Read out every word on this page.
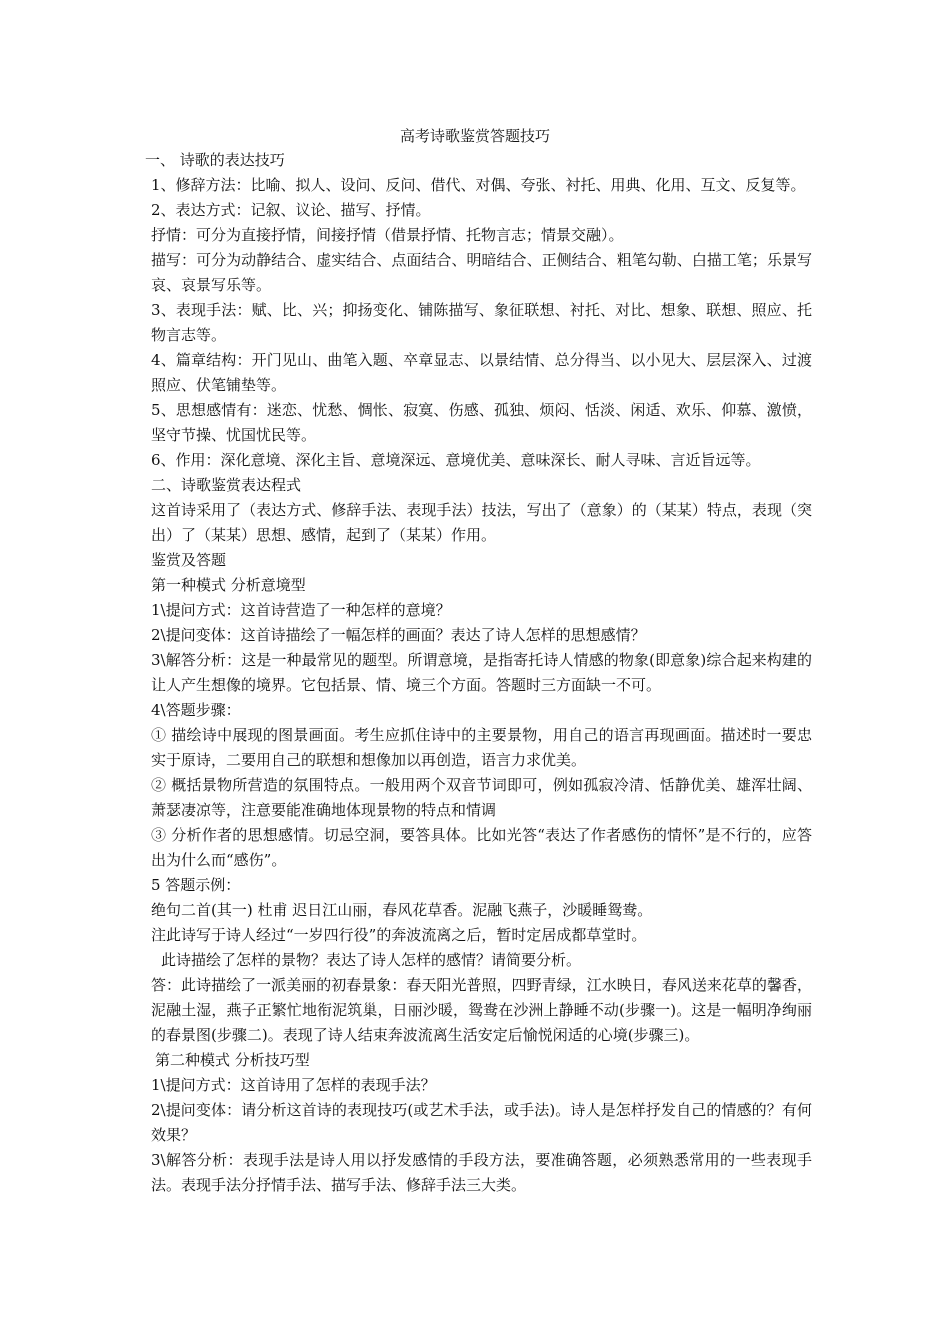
高考诗歌鉴赏答题技巧

一、 诗歌的表达技巧

1、修辞方法：比喻、拟人、设问、反问、借代、对偶、夸张、衬托、用典、化用、互文、反复等。

2、表达方式：记叙、议论、描写、抒情。

抒情：可分为直接抒情，间接抒情（借景抒情、托物言志；情景交融）。

描写：可分为动静结合、虚实结合、点面结合、明暗结合、正侧结合、粗笔勾勒、白描工笔；乐景写哀、哀景写乐等。

3、表现手法：赋、比、兴；抑扬变化、铺陈描写、象征联想、衬托、对比、想象、联想、照应、托物言志等。

4、篇章结构：开门见山、曲笔入题、卒章显志、以景结情、总分得当、以小见大、层层深入、过渡照应、伏笔铺垫等。

5、思想感情有：迷恋、忧愁、惆怅、寂寞、伤感、孤独、烦闷、恬淡、闲适、欢乐、仰慕、激愤，坚守节操、忧国忧民等。

6、作用：深化意境、深化主旨、意境深远、意境优美、意味深长、耐人寻味、言近旨远等。

二、诗歌鉴赏表达程式

这首诗采用了（表达方式、修辞手法、表现手法）技法，写出了（意象）的（某某）特点，表现（突出）了（某某）思想、感情，起到了（某某）作用。

鉴赏及答题

第一种模式 分析意境型

1\提问方式：这首诗营造了一种怎样的意境？

2\提问变体：这首诗描绘了一幅怎样的画面？表达了诗人怎样的思想感情？

3\解答分析：这是一种最常见的题型。所谓意境，是指寄托诗人情感的物象(即意象)综合起来构建的让人产生想像的境界。它包括景、情、境三个方面。答题时三方面缺一不可。

4\答题步骤：

① 描绘诗中展现的图景画面。考生应抓住诗中的主要景物，用自己的语言再现画面。描述时一要忠实于原诗，二要用自己的联想和想像加以再创造，语言力求优美。

② 概括景物所营造的氛围特点。一般用两个双音节词即可，例如孤寂冷清、恬静优美、雄浑壮阔、萧瑟凄凉等，注意要能准确地体现景物的特点和情调

③ 分析作者的思想感情。切忌空洞，要答具体。比如光答“表达了作者感伤的情怀”是不行的，应答出为什么而“感伤”。

5 答题示例：

绝句二首(其一) 杜甫 迟日江山丽，春风花草香。泥融飞燕子，沙暖睡鸳鸯。

注此诗写于诗人经过“一岁四行役”的奔波流离之后，暂时定居成都草堂时。

此诗描绘了怎样的景物？表达了诗人怎样的感情？请简要分析。

答：此诗描绘了一派美丽的初春景象：春天阳光普照，四野青绿，江水映日，春风送来花草的馨香，泥融土湿，燕子正繁忙地衔泥筑巢，日丽沙暖，鸳鸯在沙洲上静睡不动(步骤一)。这是一幅明净绚丽的春景图(步骤二)。表现了诗人结束奔波流离生活安定后愉悦闲适的心境(步骤三)。

第二种模式 分析技巧型

1\提问方式：这首诗用了怎样的表现手法？

2\提问变体：请分析这首诗的表现技巧(或艺术手法，或手法)。诗人是怎样抒发自己的情感的？有何效果？

3\解答分析：表现手法是诗人用以抒发感情的手段方法，要准确答题，必须熟悉常用的一些表现手法。表现手法分抒情手法、描写手法、修辞手法三大类。
